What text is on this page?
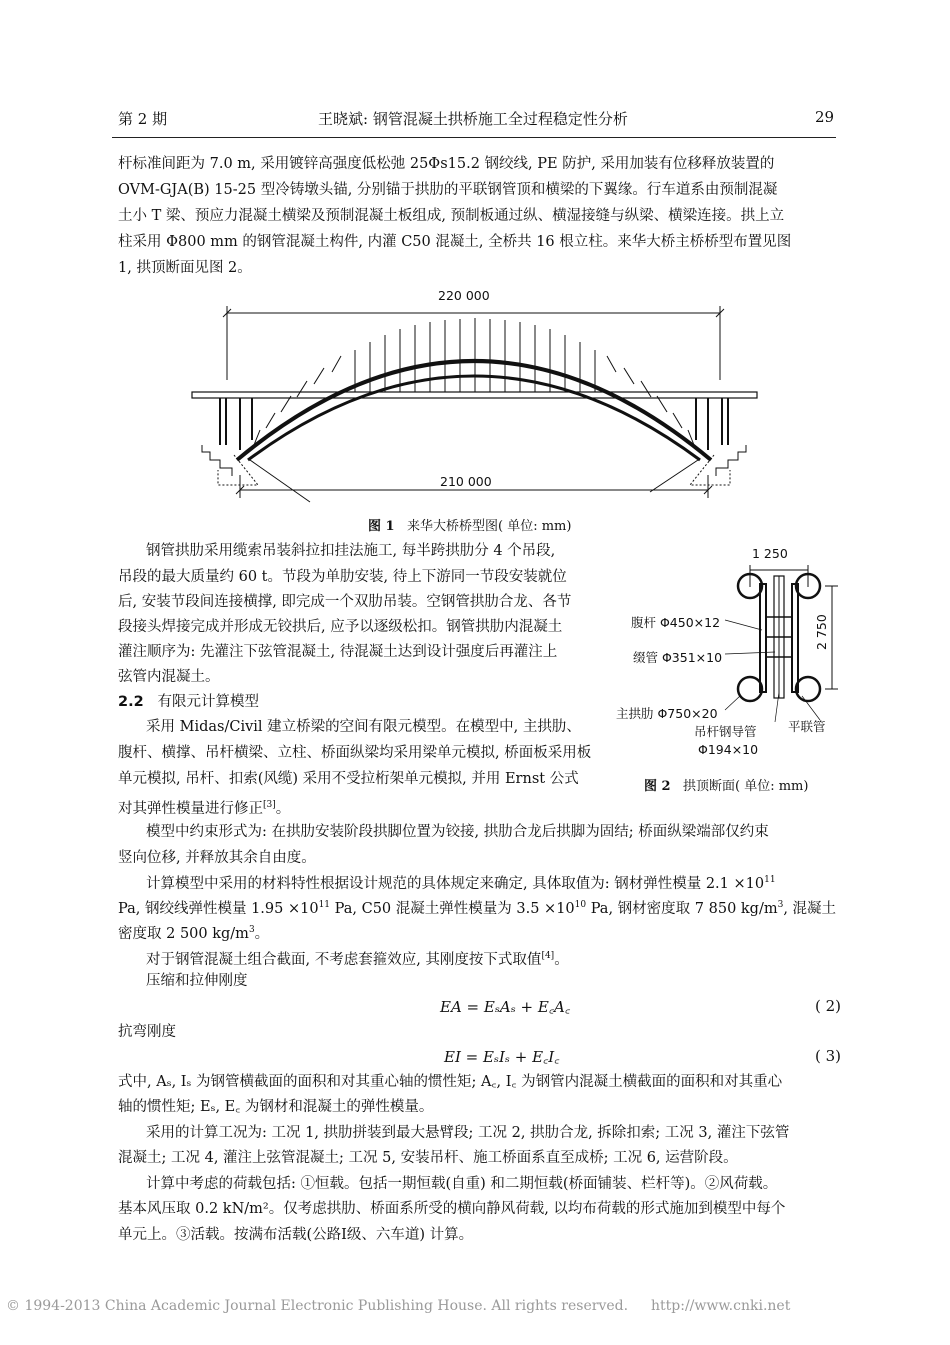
第 2 期	王晓斌: 钢管混凝土拱桥施工全过程稳定性分析	29
杆标准间距为 7.0 m, 采用镀锌高强度低松弛 25Φs15.2 钢绞线, PE 防护, 采用加装有位移释放装置的
OVM-GJA(B) 15-25 型冷铸墩头锚, 分别锚于拱肋的平联钢管顶和横梁的下翼缘。行车道系由预制混凝
土小 T 梁、预应力混凝土横梁及预制混凝土板组成, 预制板通过纵、横湿接缝与纵梁、横梁连接。拱上立
柱采用 Φ800 mm 的钢管混凝土构件, 内灌 C50 混凝土, 全桥共 16 根立柱。来华大桥主桥桥型布置见图
1, 拱顶断面见图 2。
220 000
210 000
图 1 来华大桥桥型图( 单位: mm)
钢管拱肋采用缆索吊装斜拉扣挂法施工, 每半跨拱肋分 4 个吊段,
吊段的最大质量约 60 t。节段为单肋安装, 待上下游同一节段安装就位
后, 安装节段间连接横撑, 即完成一个双肋吊装。空钢管拱肋合龙、各节
段接头焊接完成并形成无铰拱后, 应予以逐级松扣。钢管拱肋内混凝土
灌注顺序为: 先灌注下弦管混凝土, 待混凝土达到设计强度后再灌注上
弦管内混凝土。
2.2 有限元计算模型
采用 Midas/Civil 建立桥梁的空间有限元模型。在模型中, 主拱肋、
腹杆、横撑、吊杆横梁、立柱、桥面纵梁均采用梁单元模拟, 桥面板采用板
单元模拟, 吊杆、扣索(风缆) 采用不受拉桁架单元模拟, 并用 Ernst 公式
对其弹性模量进行修正[3]。
1 250
2 750
腹杆 Φ450×12
缀管 Φ351×10
主拱肋 Φ750×20
吊杆钢导管
Φ194×10
平联管
图 2 拱顶断面( 单位: mm)
模型中约束形式为: 在拱肋安装阶段拱脚位置为铰接, 拱肋合龙后拱脚为固结; 桥面纵梁端部仅约束
竖向位移, 并释放其余自由度。
计算模型中采用的材料特性根据设计规范的具体规定来确定, 具体取值为: 钢材弹性模量 $2.1 \times 10^{11}$
Pa, 钢绞线弹性模量 $1.95 \times 10^{11}$ Pa, C50 混凝土弹性模量为 $3.5 \times 10^{10}$ Pa, 钢材密度取 7 850 $kg/m^3$, 混凝土
密度取 2 500 $kg/m^3$。
对于钢管混凝土组合截面, 不考虑套箍效应, 其刚度按下式取值[4]。
压缩和拉伸刚度
EA = EₛAₛ + E꜀A꜀	( 2)
抗弯刚度
EI = EₛIₛ + E꜀I꜀	( 3)
式中, Aₛ, Iₛ 为钢管横截面的面积和对其重心轴的惯性矩; A꜀, I꜀ 为钢管内混凝土横截面的面积和对其重心
轴的惯性矩; Eₛ, E꜀ 为钢材和混凝土的弹性模量。
采用的计算工况为: 工况 1, 拱肋拼装到最大悬臂段; 工况 2, 拱肋合龙, 拆除扣索; 工况 3, 灌注下弦管
混凝土; 工况 4, 灌注上弦管混凝土; 工况 5, 安装吊杆、施工桥面系直至成桥; 工况 6, 运营阶段。
计算中考虑的荷载包括: ①恒载。包括一期恒载(自重) 和二期恒载(桥面铺装、栏杆等)。②风荷载。
基本风压取 0.2 kN/m²。仅考虑拱肋、桥面系所受的横向静风荷载, 以均布荷载的形式施加到模型中每个
单元上。③活载。按满布活载(公路Ⅰ级、六车道) 计算。
© 1994-2013 China Academic Journal Electronic Publishing House. All rights reserved. http://www.cnki.net
